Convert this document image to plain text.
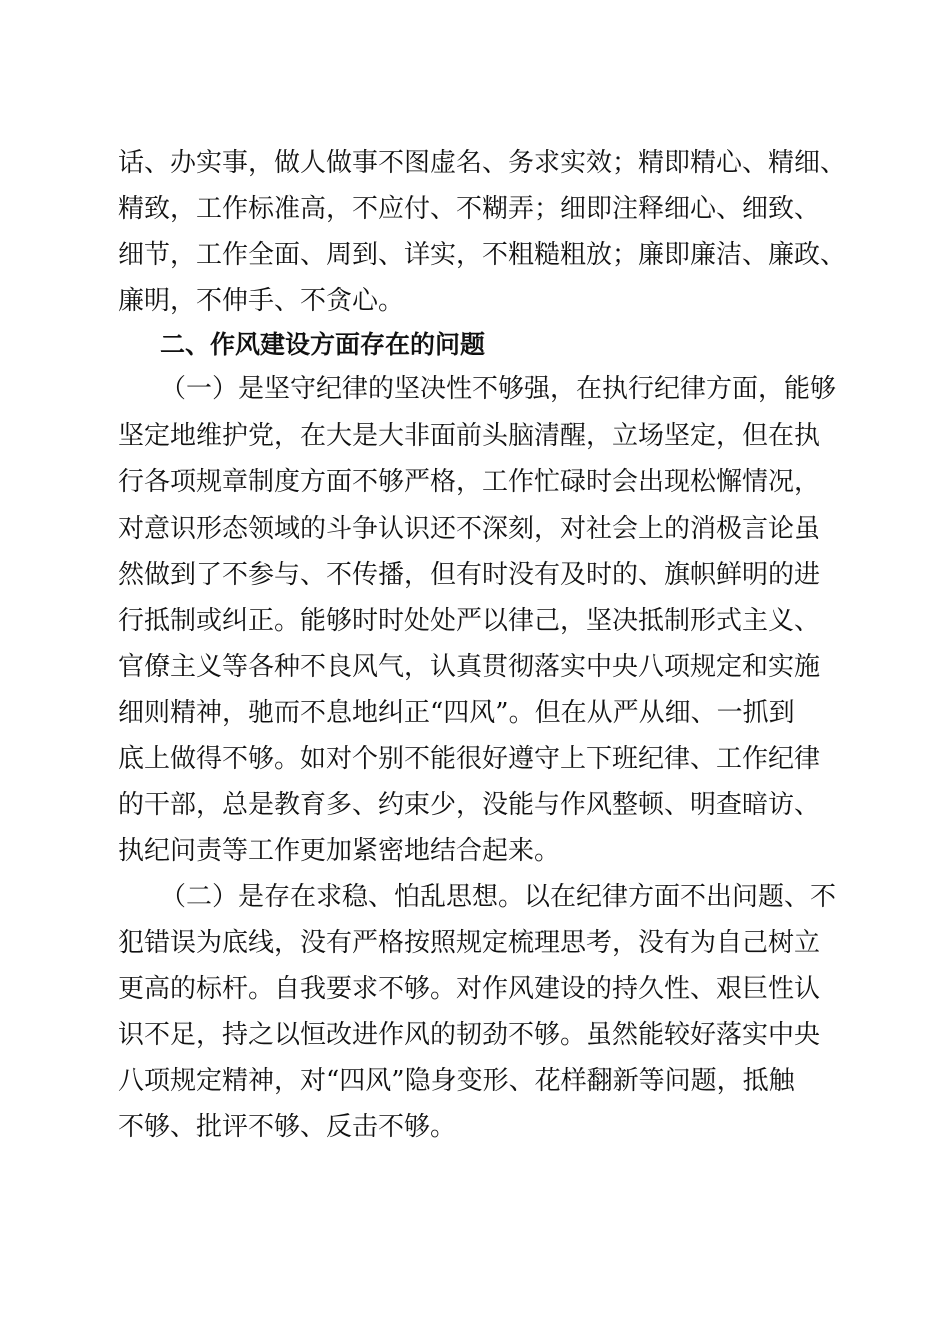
话、办实事，做人做事不图虚名、务求实效；精即精心、精细、

精致，工作标准高，不应付、不糊弄；细即注释细心、细致、

细节，工作全面、周到、详实，不粗糙粗放；廉即廉洁、廉政、

廉明，不伸手、不贪心。

二、作风建设方面存在的问题

（一）是坚守纪律的坚决性不够强，在执行纪律方面，能够

坚定地维护党，在大是大非面前头脑清醒，立场坚定，但在执

行各项规章制度方面不够严格，工作忙碌时会出现松懈情况，

对意识形态领域的斗争认识还不深刻，对社会上的消极言论虽

然做到了不参与、不传播，但有时没有及时的、旗帜鲜明的进

行抵制或纠正。能够时时处处严以律己，坚决抵制形式主义、

官僚主义等各种不良风气，认真贯彻落实中央八项规定和实施

细则精神，驰而不息地纠正“四风”。但在从严从细、一抓到

底上做得不够。如对个别不能很好遵守上下班纪律、工作纪律

的干部，总是教育多、约束少，没能与作风整顿、明查暗访、

执纪问责等工作更加紧密地结合起来。

（二）是存在求稳、怕乱思想。以在纪律方面不出问题、不

犯错误为底线，没有严格按照规定梳理思考，没有为自己树立

更高的标杆。自我要求不够。对作风建设的持久性、艰巨性认

识不足，持之以恒改进作风的韧劲不够。虽然能较好落实中央

八项规定精神，对“四风”隐身变形、花样翻新等问题，抵触

不够、批评不够、反击不够。
